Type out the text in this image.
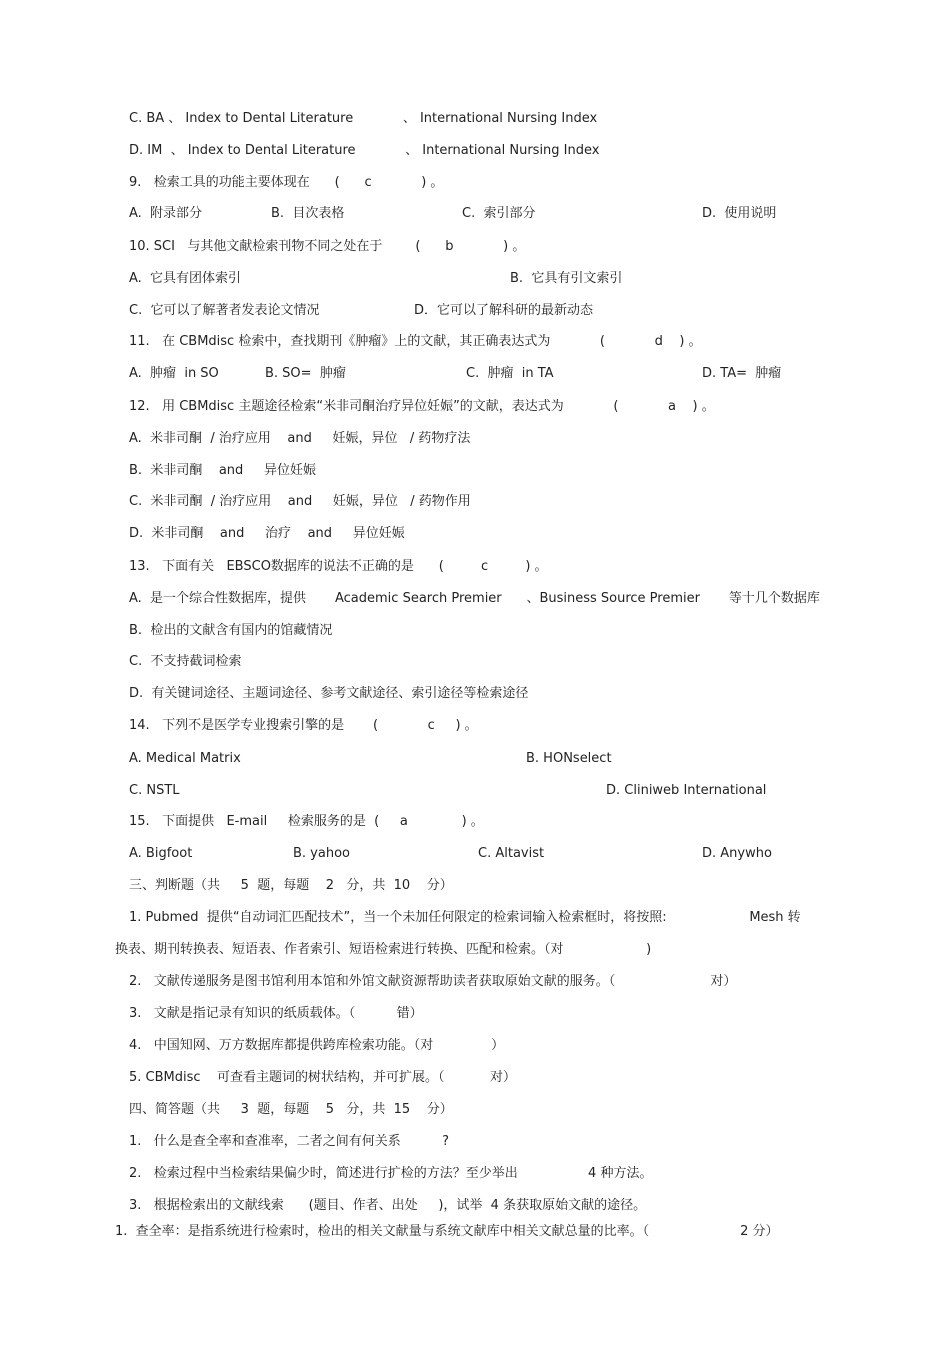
C. BA 、 Index to Dental Literature            、 International Nursing Index
D. IM  、 Index to Dental Literature            、 International Nursing Index
9.   检索工具的功能主要体现在      (      c            ) 。
A.  附录部分	B.  目次表格	C.  索引部分	D.  使用说明
10. SCI   与其他文献检索刊物不同之处在于        (      b            ) 。
A.  它具有团体索引	B.  它具有引文索引
C.  它可以了解著者发表论文情况	D．它可以了解科研的最新动态
11.   在 CBMdisc 检索中，查找期刊《肿瘤》上的文献，其正确表达式为            (            d    ) 。
A.  肿瘤  in SO	B. SO=  肿瘤	C.  肿瘤  in TA	D. TA=  肿瘤
12.   用 CBMdisc 主题途径检索“米非司酮治疗异位妊娠”的文献，表达式为            (            a    ) 。
A.  米非司酮  / 治疗应用    and     妊娠，异位   / 药物疗法
B.  米非司酮    and     异位妊娠
C.  米非司酮  / 治疗应用    and     妊娠，异位   / 药物作用
D.  米非司酮    and     治疗    and     异位妊娠
13.   下面有关   EBSCO数据库的说法不正确的是      (         c         ) 。
A.  是一个综合性数据库，提供       Academic Search Premier      、Business Source Premier       等十几个数据库
B.  检出的文献含有国内的馆藏情况
C.  不支持截词检索
D.  有关键词途径、主题词途径、参考文献途径、索引途径等检索途径
14.   下列不是医学专业搜索引擎的是       (            c     ) 。
A. Medical Matrix	B. HONselect
C. NSTL	D. Cliniweb International
15.   下面提供   E-mail     检索服务的是  (     a             ) 。
A. Bigfoot	B. yahoo	C. Altavist	D. Anywho
三、判断题（共     5  题，每题    2   分，共  10    分）
1. Pubmed  提供“自动词汇匹配技术”，当一个未加任何限定的检索词输入检索框时，将按照:                    Mesh 转
换表、期刊转换表、短语表、作者索引、短语检索进行转换、匹配和检索。（对                    )
2.   文献传递服务是图书馆利用本馆和外馆文献资源帮助读者获取原始文献的服务。（                       对）
3.   文献是指记录有知识的纸质载体。（          错）
4.   中国知网、万方数据库都提供跨库检索功能。（对              ）
5. CBMdisc    可查看主题词的树状结构，并可扩展。（           对）
四、简答题（共     3  题，每题    5   分，共  15    分）
1.   什么是查全率和查准率，二者之间有何关系          ?
2.   检索过程中当检索结果偏少时，简述进行扩检的方法？至少举出                 4 种方法。
3.   根据检索出的文献线索      (题目、作者、出处     )，试举  4 条获取原始文献的途径。
1.  查全率：是指系统进行检索时，检出的相关文献量与系统文献库中相关文献总量的比率。（                      2 分）
